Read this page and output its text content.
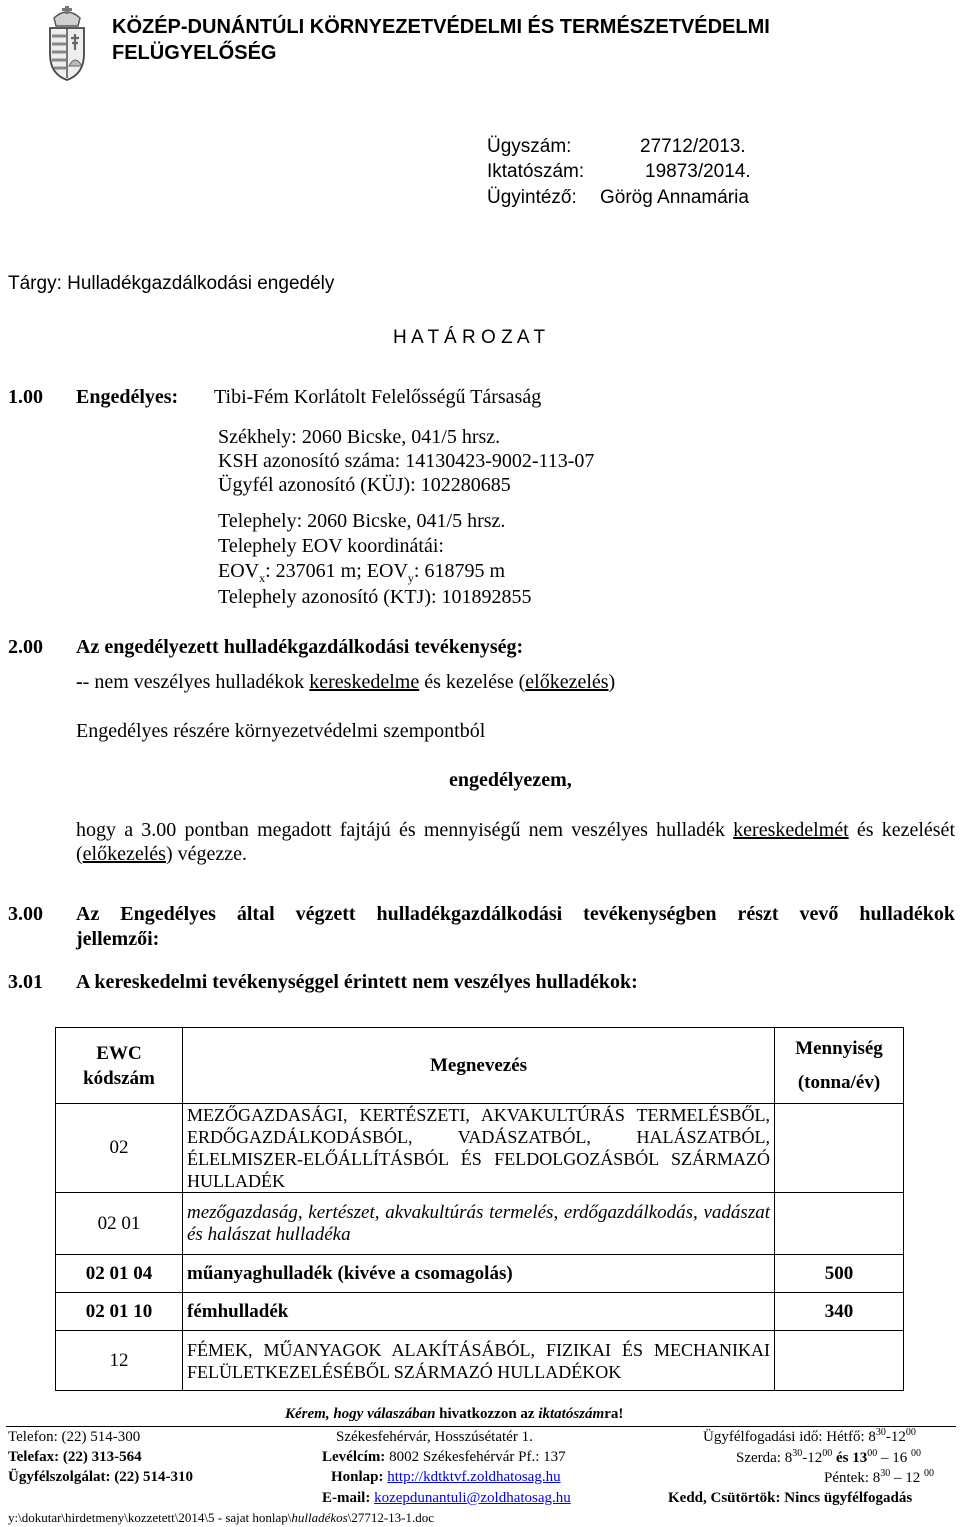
KÖZÉP-DUNÁNTÚLI KÖRNYEZETVÉDELMI ÉS TERMÉSZETVÉDELMI FELÜGYELŐSÉG
Ügyszám:	27712/2013.
Iktatószám:	19873/2014.
Ügyintéző: Görög Annamária
Tárgy: Hulladékgazdálkodási engedély
H A T Á R O Z A T
1.00 Engedélyes: Tibi-Fém Korlátolt Felelősségű Társaság
Székhely: 2060 Bicske, 041/5 hrsz.
KSH azonosító száma: 14130423-9002-113-07
Ügyfél azonosító (KÜJ): 102280685
Telephely: 2060 Bicske, 041/5 hrsz.
Telephely EOV koordinátái:
$EOV_x$: 237061 m; $EOV_y$: 618795 m
Telephely azonosító (KTJ): 101892855
2.00 Az engedélyezett hulladékgazdálkodási tevékenység:
-- nem veszélyes hulladékok kereskedelme és kezelése (előkezelés)
Engedélyes részére környezetvédelmi szempontból
engedélyezem,
hogy a 3.00 pontban megadott fajtájú és mennyiségű nem veszélyes hulladék kereskedelmét és kezelését (előkezelés) végezze.
3.00 Az Engedélyes által végzett hulladékgazdálkodási tevékenységben részt vevő hulladékok
jellemzői:
3.01 A kereskedelmi tevékenységgel érintett nem veszélyes hulladékok:
EWC kódszám	Megnevezés	Mennyiség
(tonna/év)

02	MEZŐGAZDASÁGI, KERTÉSZETI, AKVAKULTÚRÁS TERMELÉSBŐL, ERDŐGAZDÁLKODÁSBÓL, VADÁSZATBÓL, HALÁSZATBÓL, ÉLELMISZER-ELŐÁLLÍTÁSBÓL ÉS FELDOLGOZÁSBÓL SZÁRMAZÓ HULLADÉK	
02 01	mezőgazdaság, kertészet, akvakultúrás termelés, erdőgazdálkodás, vadászat és halászat hulladéka	
02 01 04	műanyaghulladék (kivéve a csomagolás)	500
02 01 10	fémhulladék	340
12	FÉMEK, MŰANYAGOK ALAKÍTÁSÁBÓL, FIZIKAI ÉS MECHANIKAI FELÜLETKEZELÉSÉBŐL SZÁRMAZÓ HULLADÉKOK	
Kérem, hogy válaszában hivatkozzon az iktatószámra!
Telefon: (22) 514-300
Telefax: (22) 313-564
Ügyfélszolgálat: (22) 514-310
Székesfehérvár, Hosszúsétatér 1.
Levélcím: 8002 Székesfehérvár Pf.: 137
Honlap: http://kdtktvf.zoldhatosag.hu
E-mail: kozepdunantuli@zoldhatosag.hu
Ügyfélfogadási idő: Hétfő: $8^{30}-12^{00}$
Szerda: $8^{30}-12^{00}$ és $13^{00} - 16$ $^{00}$
Péntek: $8^{30} - 12$ $^{00}$
Kedd, Csütörtök: Nincs ügyfélfogadás
y:\dokutar\hirdetmeny\kozzetett\2014\5 - sajat honlap\hulladékos\27712-13-1.doc
